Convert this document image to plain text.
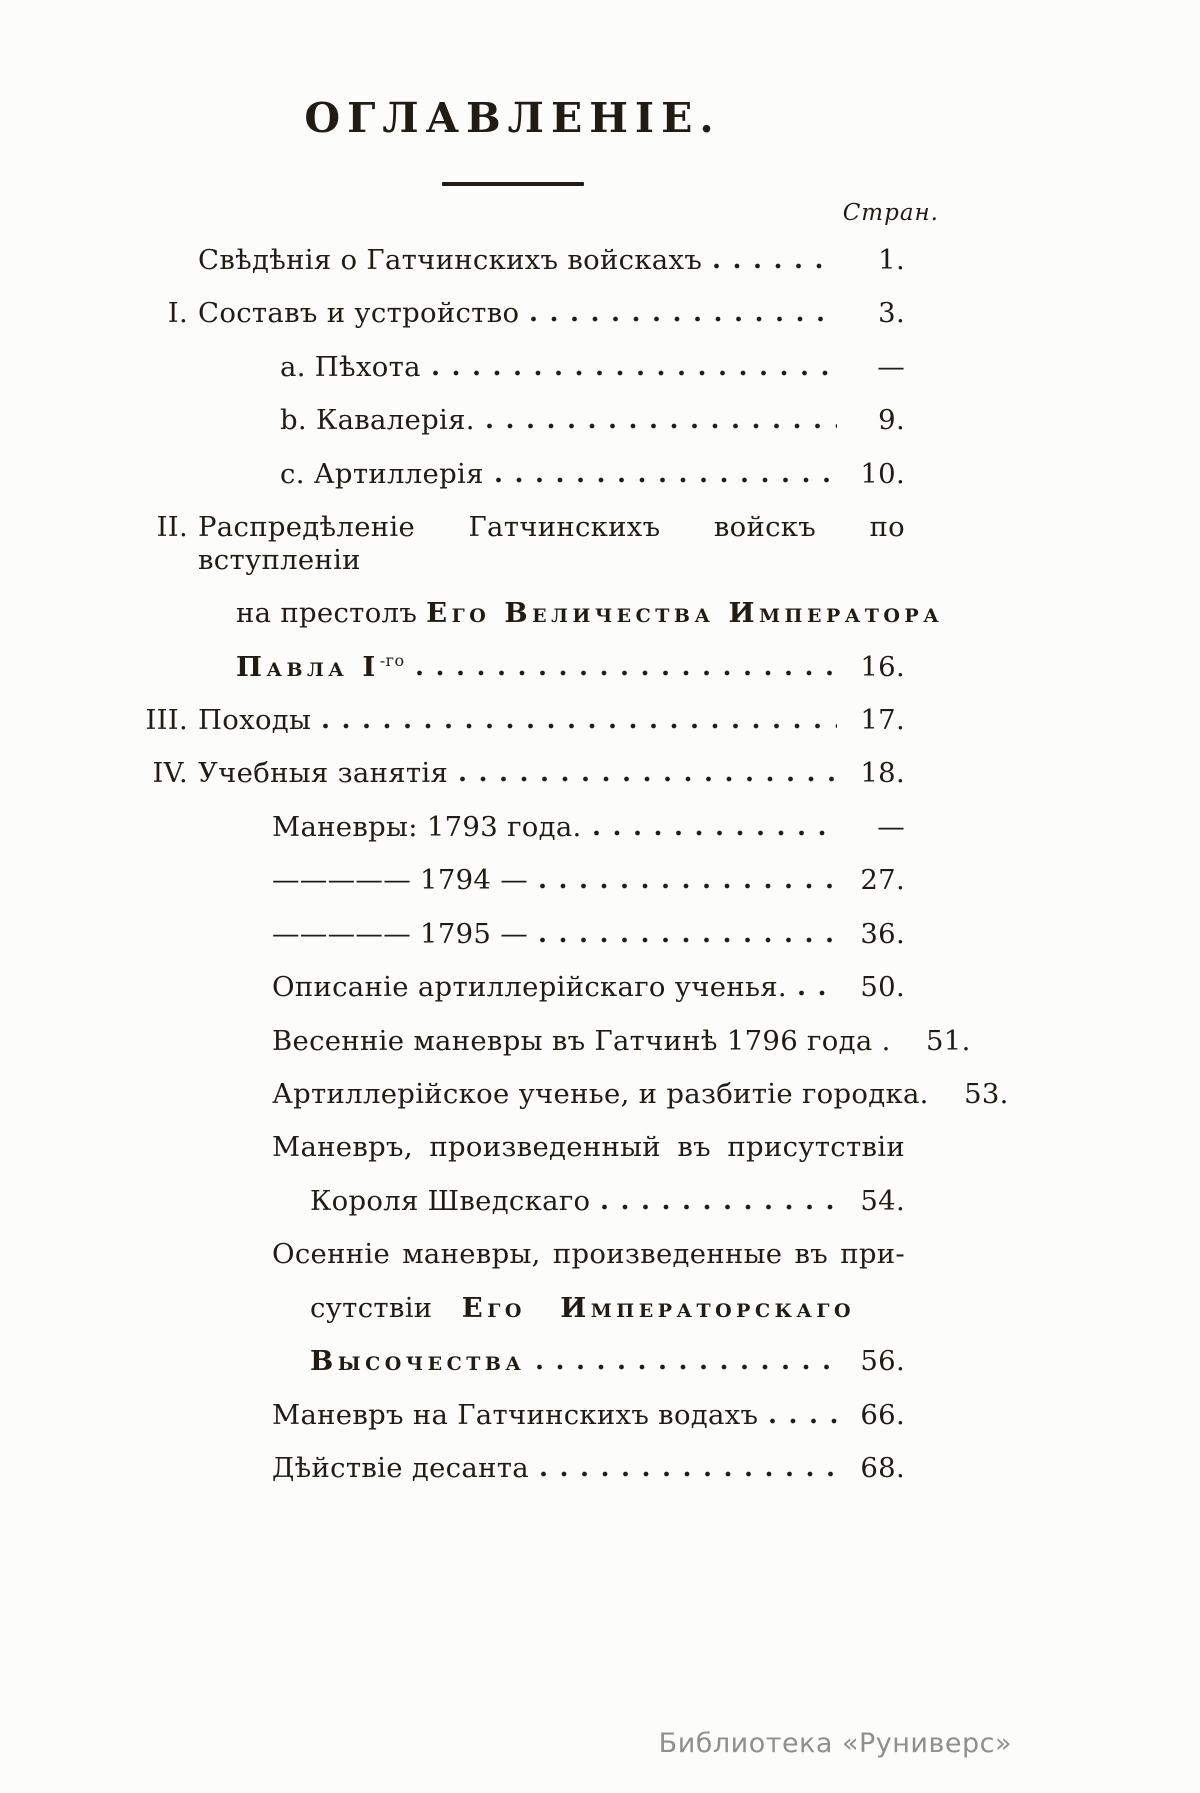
ОГЛАВЛЕНІЕ.
Стран.
Свѣдѣнія о Гатчинскихъ войскахъ	1.
I. Составъ и устройство	3.
a. Пѣхота	—
b. Кавалерія.	9.
c. Артиллерія	10.
II. Распредѣленіе Гатчинскихъ войскъ по вступленіи
на престолъ Его Величества Императора
Павла $I^{-го}$	16.
III. Походы	17.
IV. Учебныя занятія	18.
Маневры: 1793 года.	—
————— 1794 —	27.
————— 1795 —	36.
Описаніе артиллерійскаго ученья.	50.
Весенніе маневры въ Гатчинѣ 1796 года .	51.
Артиллерійское ученье, и разбитіе городка.	53.
Маневръ, произведенный въ присутствіи
Короля Шведскаго	54.
Осенніе маневры, произведенные въ при-
сутствіи Его Императорскаго
Высочества	56.
Маневръ на Гатчинскихъ водахъ	66.
Дѣйствіе десанта	68.
Библиотека «Руниверс»
